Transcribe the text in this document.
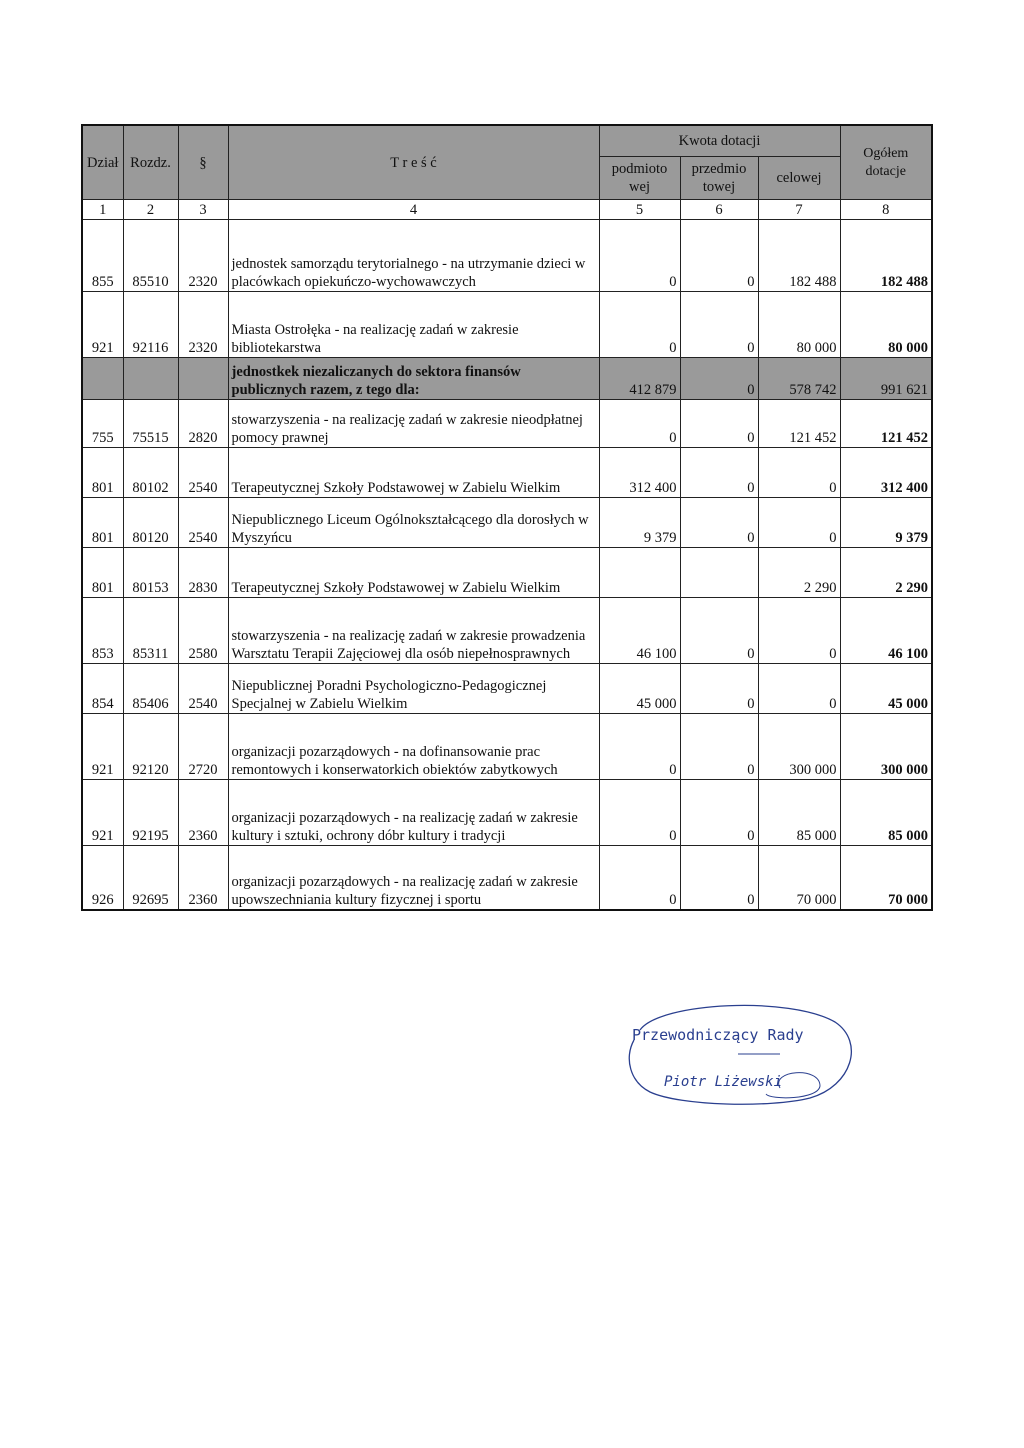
Dział	Rozdz.	§	T r e ś ć	Kwota dotacji			Ogółem dotacje
				podmioto wej	przedmio towej	celowej	
1	2	3	4	5	6	7	8
855	85510	2320	jednostek samorządu terytorialnego - na utrzymanie dzieci w placówkach opiekuńczo-wychowawczych	0	0	182 488	182 488
921	92116	2320	Miasta Ostrołęka - na realizację zadań w zakresie bibliotekarstwa	0	0	80 000	80 000
			jednostkek niezaliczanych do sektora finansów publicznych razem, z tego dla:	412 879	0	578 742	991 621
755	75515	2820	stowarzyszenia - na realizację zadań w zakresie nieodpłatnej pomocy prawnej	0	0	121 452	121 452
801	80102	2540	Terapeutycznej Szkoły Podstawowej w Zabielu Wielkim	312 400	0	0	312 400
801	80120	2540	Niepublicznego Liceum Ogólnokształcącego dla dorosłych w Myszyńcu	9 379	0	0	9 379
801	80153	2830	Terapeutycznej Szkoły Podstawowej w Zabielu Wielkim			2 290	2 290
853	85311	2580	stowarzyszenia - na realizację zadań w zakresie prowadzenia Warsztatu Terapii Zajęciowej dla osób niepełnosprawnych	46 100	0	0	46 100
854	85406	2540	Niepublicznej Poradni Psychologiczno-Pedagogicznej Specjalnej w Zabielu Wielkim	45 000	0	0	45 000
921	92120	2720	organizacji pozarządowych - na dofinansowanie prac remontowych i konserwatorkich obiektów zabytkowych	0	0	300 000	300 000
921	92195	2360	organizacji pozarządowych - na realizację zadań w zakresie kultury i sztuki, ochrony dóbr kultury i tradycji	0	0	85 000	85 000
926	92695	2360	organizacji pozarządowych - na realizację zadań w zakresie upowszechniania kultury fizycznej i sportu	0	0	70 000	70 000
Przewodniczący Rady
Piotr Liżewski
